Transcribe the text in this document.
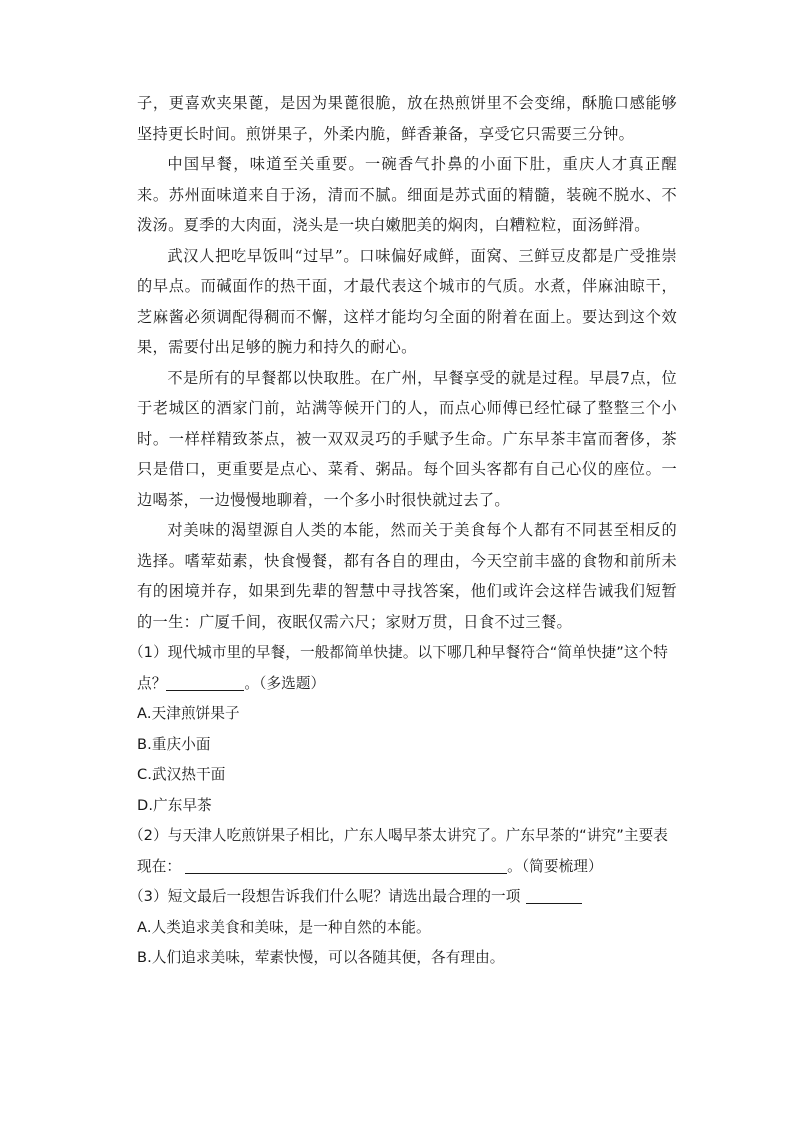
子，更喜欢夹果蓖，是因为果蓖很脆，放在热煎饼里不会变绵，酥脆口感能够坚持更长时间。煎饼果子，外柔内脆，鲜香兼备，享受它只需要三分钟。

中国早餐，味道至关重要。一碗香气扑鼻的小面下肚，重庆人才真正醒来。苏州面味道来自于汤，清而不腻。细面是苏式面的精髓，装碗不脱水、不泼汤。夏季的大肉面，浇头是一块白嫩肥美的焖肉，白糟粒粒，面汤鲜滑。

武汉人把吃早饭叫“过早”。口味偏好咸鲜，面窝、三鲜豆皮都是广受推崇的早点。而碱面作的热干面，才最代表这个城市的气质。水煮，伴麻油晾干，芝麻酱必须调配得稠而不懈，这样才能均匀全面的附着在面上。要达到这个效果，需要付出足够的腕力和持久的耐心。

不是所有的早餐都以快取胜。在广州，早餐享受的就是过程。早晨7点，位于老城区的酒家门前，站满等候开门的人，而点心师傅已经忙碌了整整三个小时。一样样精致茶点，被一双双灵巧的手赋予生命。广东早茶丰富而奢侈，茶只是借口，更重要是点心、菜肴、粥品。每个回头客都有自己心仪的座位。一边喝茶，一边慢慢地聊着，一个多小时很快就过去了。

对美味的渴望源自人类的本能，然而关于美食每个人都有不同甚至相反的选择。嗜荤茹素，快食慢餐，都有各自的理由，今天空前丰盛的食物和前所未有的困境并存，如果到先辈的智慧中寻找答案，他们或许会这样告诫我们短暂的一生：广厦千间，夜眠仅需六尺；家财万贯，日食不过三餐。

（1）现代城市里的早餐，一般都简单快捷。以下哪几种早餐符合“简单快捷”这个特点？	。（多选题）

A.天津煎饼果子

B.重庆小面

C.武汉热干面

D.广东早茶

（2）与天津人吃煎饼果子相比，广东人喝早茶太讲究了。广东早茶的“讲究”主要表现在：	。（简要梳理）

（3）短文最后一段想告诉我们什么呢？请选出最合理的一项

A.人类追求美食和美味，是一种自然的本能。

B.人们追求美味，荤素快慢，可以各随其便，各有理由。
